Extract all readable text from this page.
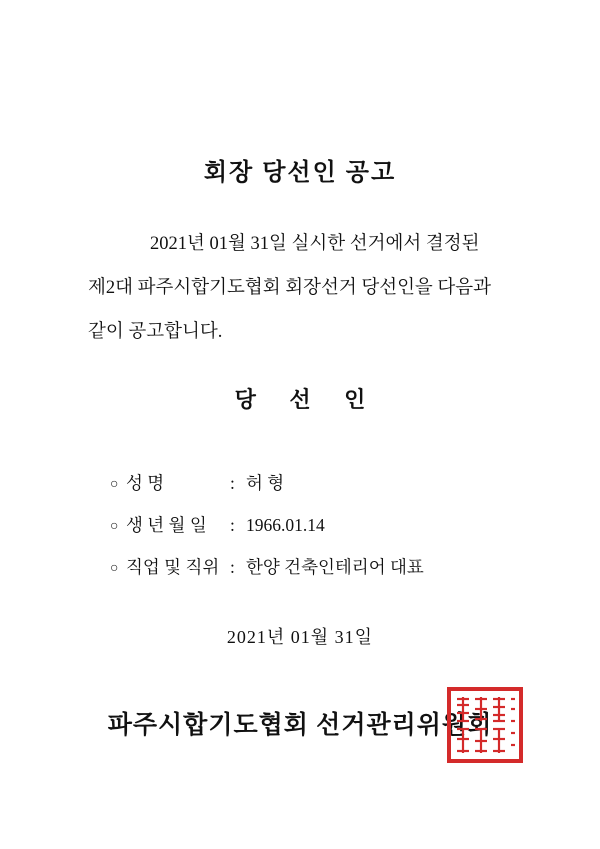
회장 당선인 공고
2021년 01월 31일 실시한 선거에서 결정된
제2대 파주시합기도협회 회장선거 당선인을 다음과
같이 공고합니다.
당 선 인
○ 성 명	: 허 형
○ 생 년 월 일 : 1966.01.14
○ 직업 및 직위 : 한양 건축인테리어 대표
2021년 01월 31일
파주시합기도협회 선거관리위원회
